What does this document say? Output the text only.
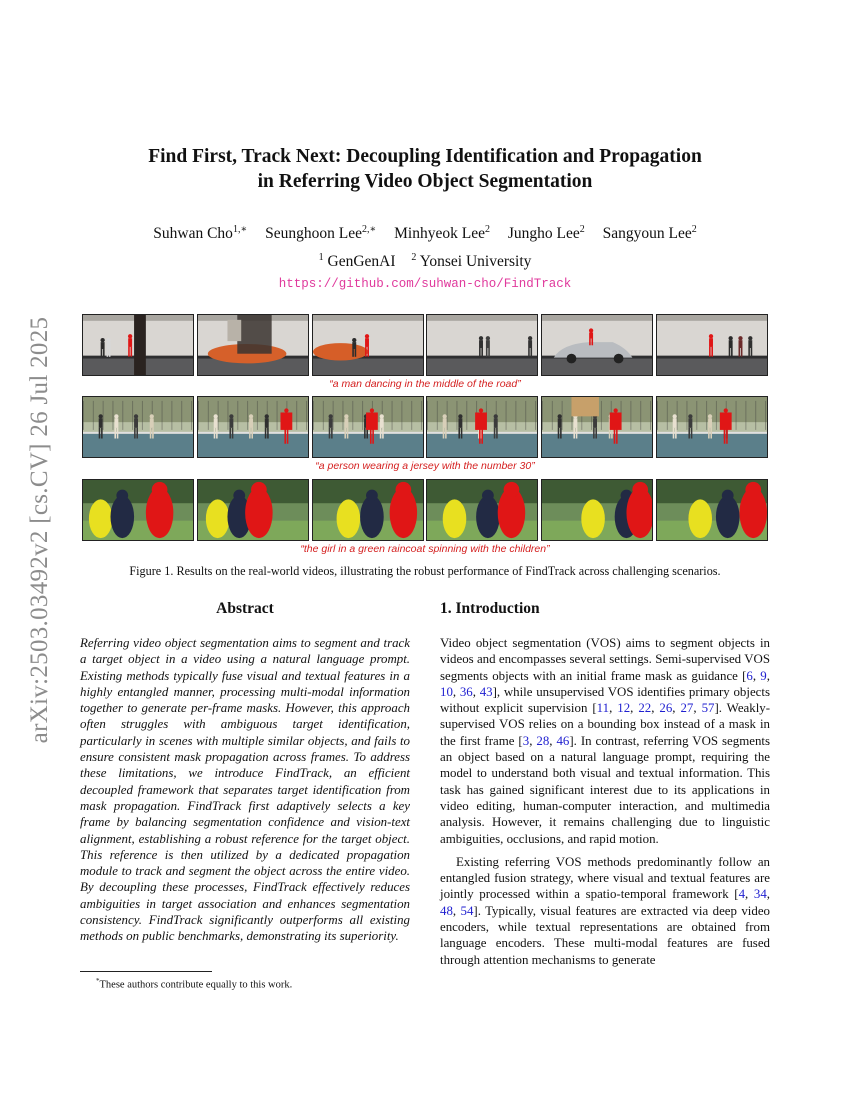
arXiv:2503.03492v2 [cs.CV] 26 Jul 2025
Find First, Track Next: Decoupling Identification and Propagation
in Referring Video Object Segmentation
Suhwan Cho$^{1,∗}$ Seunghoon Lee$^{2,∗}$ Minhyeok Lee$^2$ Jungho Lee$^2$ Sangyoun Lee$^2$
$^1$ GenGenAI $^2$ Yonsei University
https://github.com/suhwan-cho/FindTrack
“a man dancing in the middle of the road”
“a person wearing a jersey with the number 30”
“the girl in a green raincoat spinning with the children”
Figure 1. Results on the real-world videos, illustrating the robust performance of FindTrack across challenging scenarios.
Abstract
Referring video object segmentation aims to segment and track a target object in a video using a natural language prompt. Existing methods typically fuse visual and textual features in a highly entangled manner, processing multi-modal information together to generate per-frame masks. However, this approach often struggles with ambiguous target identification, particularly in scenes with multiple similar objects, and fails to ensure consistent mask propagation across frames. To address these limitations, we introduce FindTrack, an efficient decoupled framework that separates target identification from mask propagation. FindTrack first adaptively selects a key frame by balancing segmentation confidence and vision-text alignment, establishing a robust reference for the target object. This reference is then utilized by a dedicated propagation module to track and segment the object across the entire video. By decoupling these processes, FindTrack effectively reduces ambiguities in target association and enhances segmentation consistency. FindTrack significantly outperforms all existing methods on public benchmarks, demonstrating its superiority.
1. Introduction

Video object segmentation (VOS) aims to segment objects in videos and encompasses several settings. Semi-supervised VOS segments objects with an initial frame mask as guidance [6, 9, 10, 36, 43], while unsupervised VOS identifies primary objects without explicit supervision [11, 12, 22, 26, 27, 57]. Weakly-supervised VOS relies on a bounding box instead of a mask in the first frame [3, 28, 46]. In contrast, referring VOS segments an object based on a natural language prompt, requiring the model to understand both visual and textual information. This task has gained significant interest due to its applications in video editing, human-computer interaction, and multimedia analysis. However, it remains challenging due to linguistic ambiguities, occlusions, and rapid motion.

Existing referring VOS methods predominantly follow an entangled fusion strategy, where visual and textual features are jointly processed within a spatio-temporal framework [4, 34, 48, 54]. Typically, visual features are extracted via deep video encoders, while textual representations are obtained from language encoders. These multi-modal features are fused through attention mechanisms to generate

*These authors contribute equally to this work.
